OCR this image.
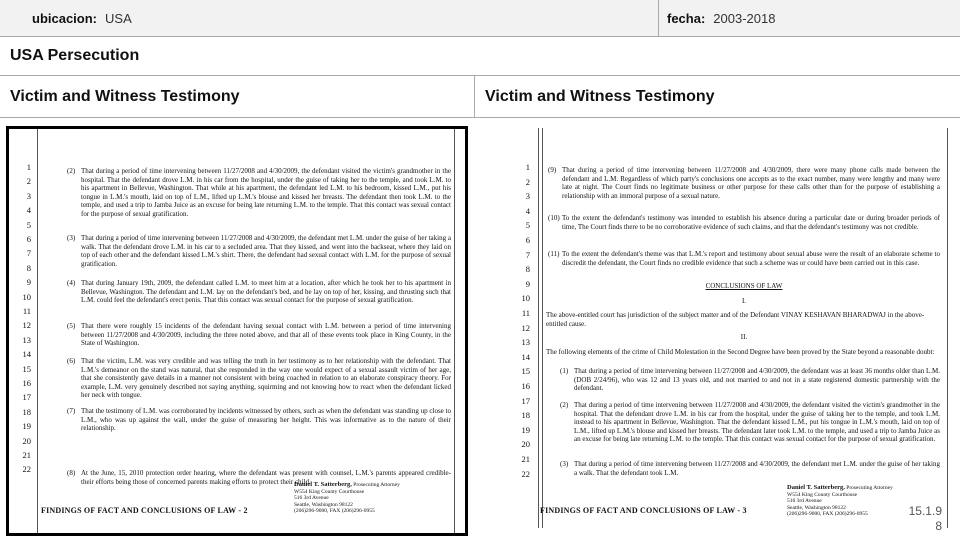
ubicacion: USA	fecha: 2003-2018
USA Persecution
Victim and Witness Testimony	Victim and Witness Testimony
1
2
3
4
5
6
7
8
9
10
11
12
13
14
15
16
17
18
19
20
21
22
(2) That during a period of time intervening between 11/27/2008 and 4/30/2009, the defendant visited the victim's grandmother in the hospital. That the defendant drove L.M. in his car from the hospital, under the guise of taking her to the temple, and took L.M. to his apartment in Bellevue, Washington. That while at his apartment, the defendant led L.M. to his bedroom, kissed L.M., put his tongue in L.M.'s mouth, laid on top of L.M., lifted up L.M.'s blouse and kissed her breasts. The defendant then took L.M. to the temple, and used a trip to Jamba Juice as an excuse for being late returning L.M. to the temple. That this contact was sexual contact for the purpose of sexual gratification.
(3) That during a period of time intervening between 11/27/2008 and 4/30/2009, the defendant met L.M. under the guise of her taking a walk. That the defendant drove L.M. in his car to a secluded area. That they kissed, and went into the backseat, where they laid on top of each other and the defendant kissed L.M.'s shirt. There, the defendant had sexual contact with L.M. for the purpose of sexual gratification.
(4) That during January 19th, 2009, the defendant called L.M. to meet him at a location, after which he took her to his apartment in Bellevue, Washington. The defendant and L.M. lay on the defendant's bed, and he lay on top of her, kissing, and thrusting such that L.M. could feel the defendant's erect penis. That this contact was sexual contact for the purpose of sexual gratification.
(5) That there were roughly 15 incidents of the defendant having sexual contact with L.M. between a period of time intervening between 11/27/2008 and 4/30/2009, including the three noted above, and that all of these events took place in King County, in the State of Washington.
(6) That the victim, L.M. was very credible and was telling the truth in her testimony as to her relationship with the defendant. That L.M.'s demeanor on the stand was natural, that she responded in the way one would expect of a sexual assault victim of her age, that she consistently gave details in a manner not consistent with being coached in relation to an elaborate conspiracy theory. For example, L.M. very genuinely described not saying anything, squirming and not knowing how to react when the defendant licked her neck with tongue.
(7) That the testimony of L.M. was corroborated by incidents witnessed by others, such as when the defendant was standing up close to L.M., who was up against the wall, under the guise of measuring her height. This was informative as to the nature of their relationship.
(8) At the June, 15, 2010 protection order hearing, where the defendant was present with counsel, L.M.'s parents appeared credible- their efforts being those of concerned parents making efforts to protect their child.
Daniel T. Satterberg, Prosecuting Attorney
W554 King County Courthouse
516 3rd Avenue
Seattle, Washington 98122
(206)296-9000, FAX (206)296-0955
FINDINGS OF FACT AND CONCLUSIONS OF LAW - 2
1
2
3
4
5
6
7
8
9
10
11
12
13
14
15
16
17
18
19
20
21
22
(9) That during a period of time intervening between 11/27/2008 and 4/30/2009, there were many phone calls made between the defendant and L.M. Regardless of which party's conclusions one accepts as to the exact number, many were lengthy and many were late at night. The Court finds no legitimate business or other purpose for these calls other than for the purpose of establishing a relationship with an immoral purpose of a sexual nature.
(10) To the extent the defendant's testimony was intended to establish his absence during a particular date or during broader periods of time, The Court finds there to be no corroborative evidence of such claims, and that the defendant's testimony was not credible.
(11) To the extent the defendant's theme was that L.M.'s report and testimony about sexual abuse were the result of an elaborate scheme to discredit the defendant, the Court finds no credible evidence that such a scheme was or could have been carried out in this case.
CONCLUSIONS OF LAW
I.
The above-entitled court has jurisdiction of the subject matter and of the Defendant VINAY KESHAVAN BHARADWAJ in the above-entitled cause.
II.
The following elements of the crime of Child Molestation in the Second Degree have been proved by the State beyond a reasonable doubt:
(1) That during a period of time intervening between 11/27/2008 and 4/30/2009, the defendant was at least 36 months older than L.M. (DOB 2/24/96), who was 12 and 13 years old, and not married to and not in a state registered domestic partnership with the defendant.
(2) That during a period of time intervening between 11/27/2008 and 4/30/2009, the defendant visited the victim's grandmother in the hospital. That the defendant drove L.M. in his car from the hospital, under the guise of taking her to the temple, and took L.M. instead to his apartment in Bellevue, Washington. That the defendant kissed L.M., put his tongue in L.M.'s mouth, laid on top of L.M., lifted up L.M.'s blouse and kissed her breasts. The defendant later took L.M. to the temple, and used a trip to Jamba Juice as an excuse for being late returning L.M. to the temple. That this contact was sexual contact for the purpose of sexual gratification.
(3) That during a period of time intervening between 11/27/2008 and 4/30/2009, the defendant met L.M. under the guise of her taking a walk. That the defendant took L.M.
Daniel T. Satterberg, Prosecuting Attorney
W554 King County Courthouse
516 3rd Avenue
Seattle, Washington 98122
(206)296-9000, FAX (206)296-0955
FINDINGS OF FACT AND CONCLUSIONS OF LAW - 3	15.1.9
8
